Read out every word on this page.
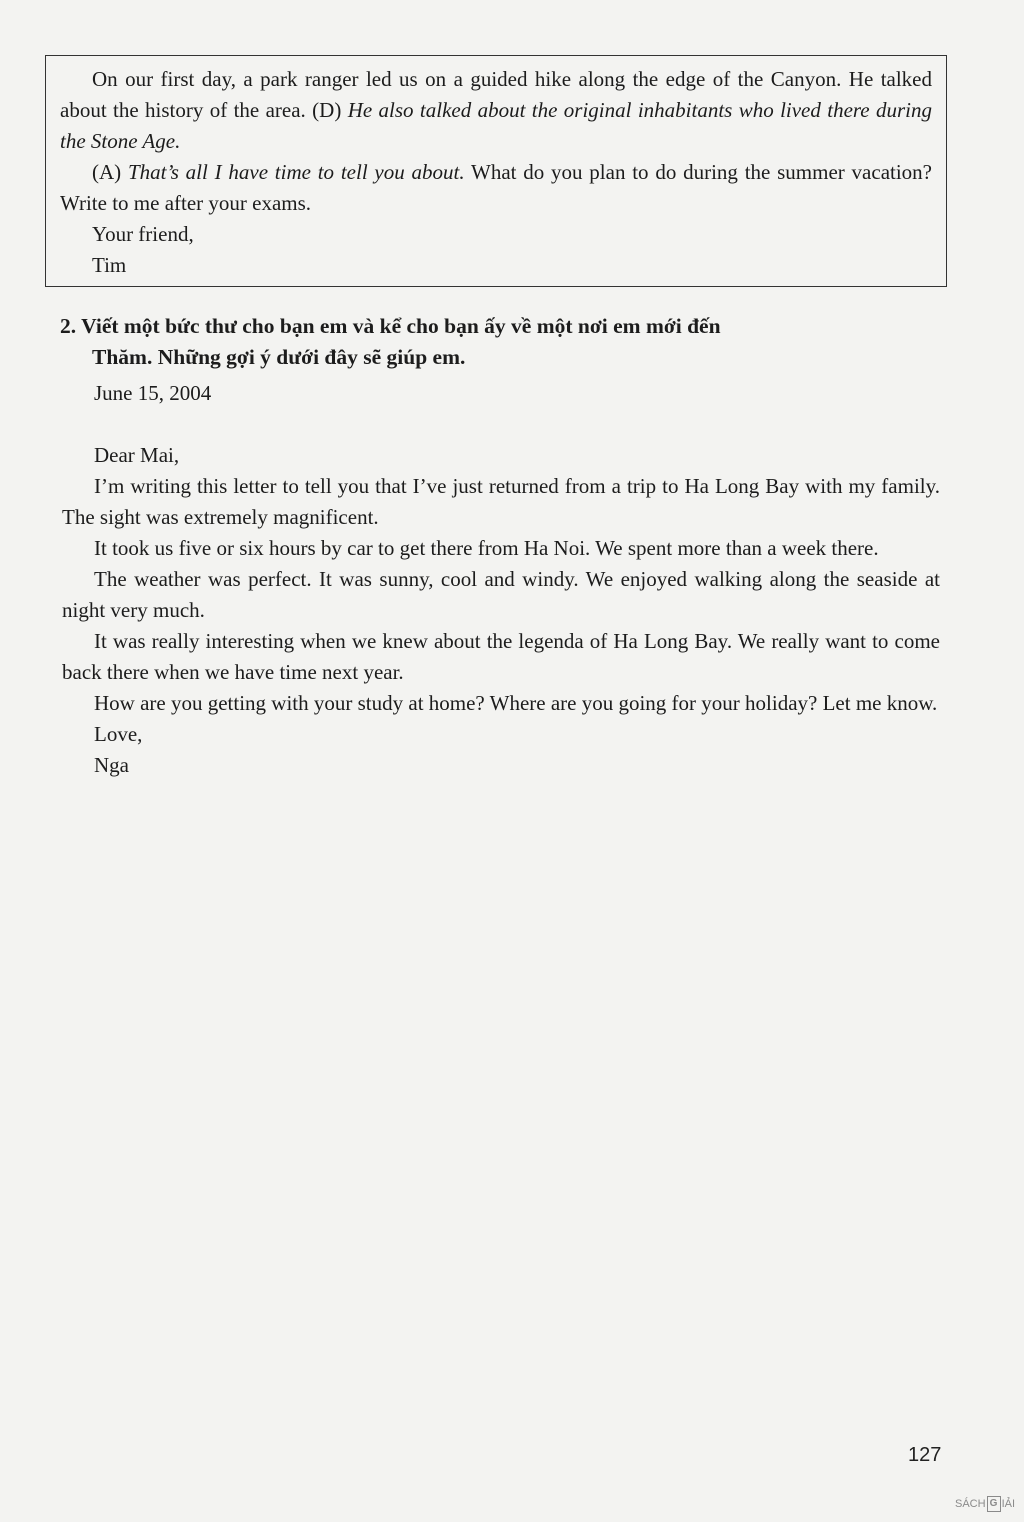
On our first day, a park ranger led us on a guided hike along the edge of the Canyon. He talked about the history of the area. (D) He also talked about the original inhabitants who lived there during the Stone Age.

(A) That’s all I have time to tell you about. What do you plan to do during the summer vacation? Write to me after your exams.

Your friend,

Tim

2. Viết một bức thư cho bạn em và kể cho bạn ấy về một nơi em mới đến
Thăm. Những gợi ý dưới đây sẽ giúp em.

June 15, 2004

Dear Mai,

I’m writing this letter to tell you that I’ve just returned from a trip to Ha Long Bay with my family. The sight was extremely magnificent.

It took us five or six hours by car to get there from Ha Noi. We spent more than a week there.

The weather was perfect. It was sunny, cool and windy. We enjoyed walking along the seaside at night very much.

It was really interesting when we knew about the legenda of Ha Long Bay. We really want to come back there when we have time next year.

How are you getting with your study at home? Where are you going for your holiday? Let me know.

Love,

Nga

127
SÁCH G IẢI
